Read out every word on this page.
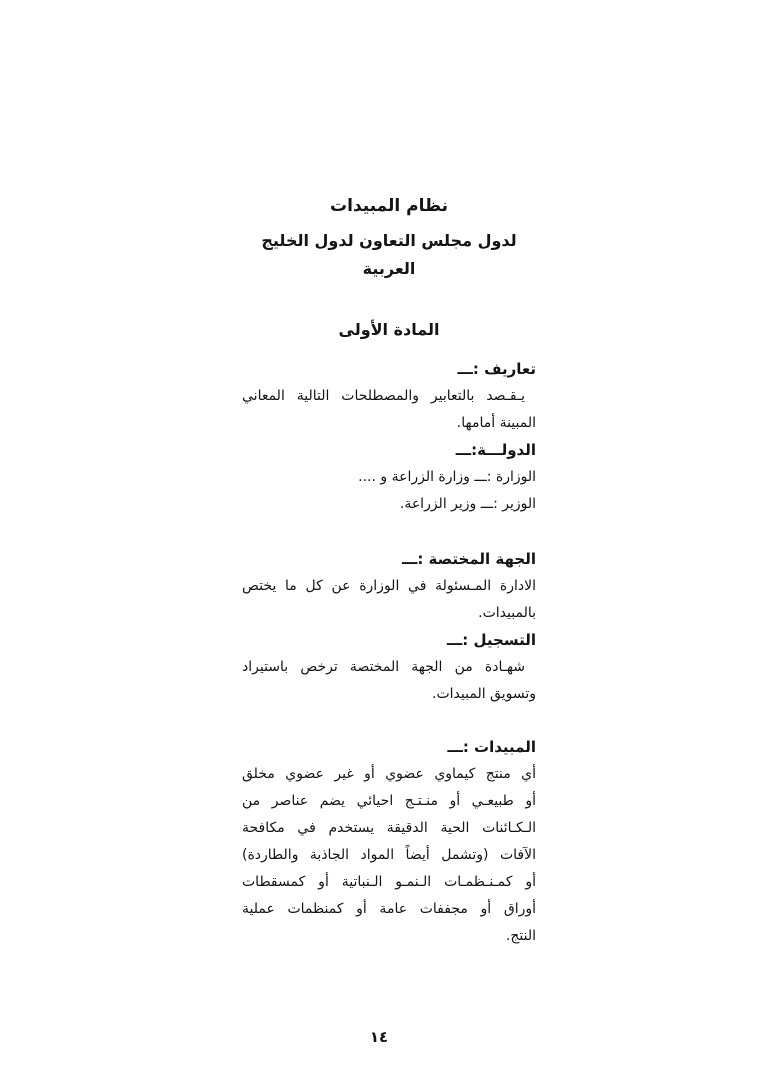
نظام المبيدات
لدول مجلس التعاون لدول الخليج العربية
المادة الأولى
تعاريف :ـــ
يـقـصد بالتعابير والمصطلحات التالية المعاني
المبينة أمامها.
الدولـــة:ـــ
الوزارة :ـــ وزارة الزراعة و ....
الوزير :ـــ وزير الزراعة.
الجهة المختصة :ـــ
الادارة المـسئولة في الوزارة عن كل ما يختص
بالمبيدات.
التسجيل :ـــ
شهـادة من الجهة المختصة ترخص باستيراد
وتسويق المبيدات.
المبيدات :ـــ
أي منتج كيماوي عضوي أو غير عضوي مخلق
أو طبيعـي أو منـتـج احيائي يضم عناصر من
الـكـائنات الحية الدقيقة يستخدم في مكافحة
الآفات (وتشمل أيضاً المواد الجاذبة والطاردة)
أو كمـنـظمـات الـنمـو الـنباتية أو كمسقطات
أوراق أو مجففات عامة أو كمنظمات عملية
النتج.
١٤
